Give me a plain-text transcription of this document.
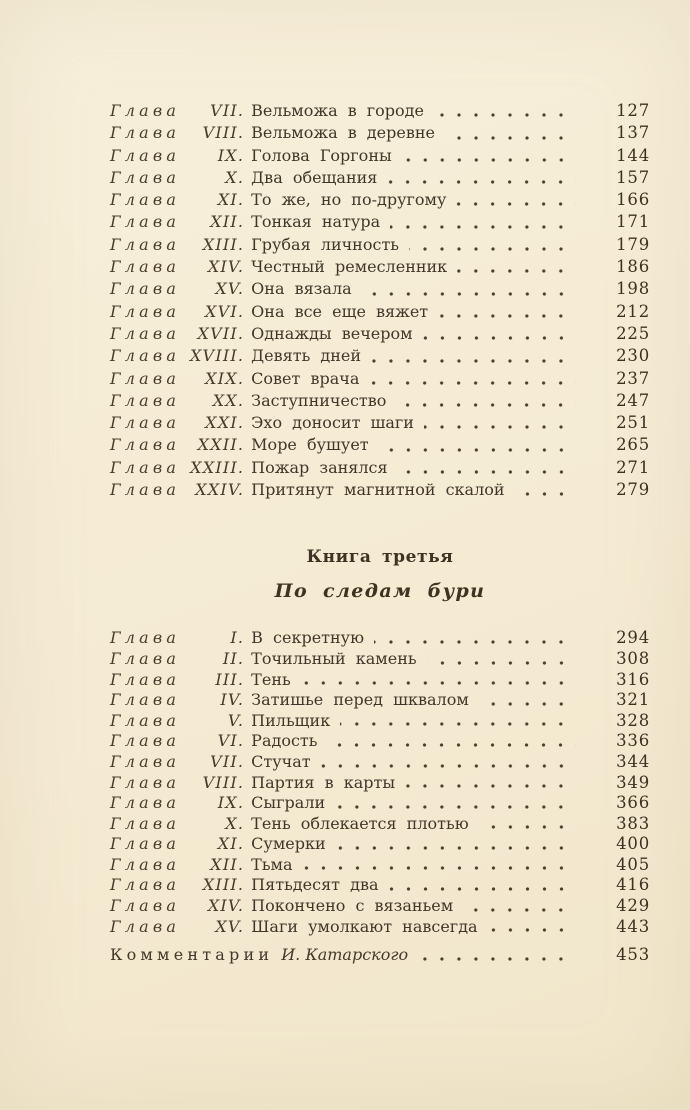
Глава	VII. Вельможа в городе	127
Глава	VIII. Вельможа в деревне	137
Глава	IX. Голова Горгоны	144
Глава	X. Два обещания	157
Глава	XI. То же, но по-другому	166
Глава	XII. Тонкая натура	171
Глава	XIII. Грубая личность	179
Глава	XIV. Честный ремесленник	186
Глава	XV. Она вязала	198
Глава	XVI. Она все еще вяжет	212
Глава	XVII. Однажды вечером	225
Глава XVIII. Девять дней	230
Глава	XIX. Совет врача	237
Глава	XX. Заступничество	247
Глава	XXI. Эхо доносит шаги	251
Глава	XXII. Море бушует	265
Глава XXIII. Пожар занялся	271
Глава XXIV. Притянут магнитной скалой	279
Книга третья
По следам бури
Глава	I. В секретную	294
Глава	II. Точильный камень	308
Глава	III. Тень	316
Глава	IV. Затишье перед шквалом	321
Глава	V. Пильщик	328
Глава	VI. Радость	336
Глава	VII. Стучат	344
Глава	VIII. Партия в карты	349
Глава	IX. Сыграли	366
Глава	X. Тень облекается плотью	383
Глава	XI. Сумерки	400
Глава	XII. Тьма	405
Глава	XIII. Пятьдесят два	416
Глава	XIV. Покончено с вязаньем	429
Глава	XV. Шаги умолкают навсегда	443
Комментарии И. Катарского	453
